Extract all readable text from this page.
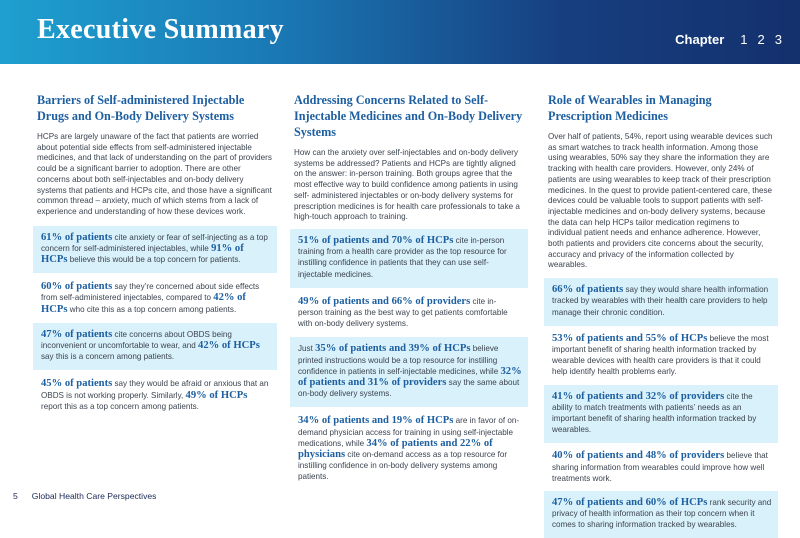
Executive Summary	Chapter 1 2 3
Barriers of Self-administered Injectable Drugs and On-Body Delivery Systems
HCPs are largely unaware of the fact that patients are worried about potential side effects from self-administered injectable medicines, and that lack of understanding on the part of providers could be a significant barrier to adoption. There are other concerns about both self-injectables and on-body delivery systems that patients and HCPs cite, and those have a significant common thread – anxiety, much of which stems from a lack of experience and understanding of how these devices work.
61% of patients cite anxiety or fear of self-injecting as a top concern for self-administered injectables, while 91% of HCPs believe this would be a top concern for patients.
60% of patients say they’re concerned about side effects from self-administered injectables, compared to 42% of HCPs who cite this as a top concern among patients.
47% of patients cite concerns about OBDS being inconvenient or uncomfortable to wear, and 42% of HCPs say this is a concern among patients.
45% of patients say they would be afraid or anxious that an OBDS is not working properly. Similarly, 49% of HCPs report this as a top concern among patients.
Addressing Concerns Related to Self-Injectable Medicines and On-Body Delivery Systems
How can the anxiety over self-injectables and on-body delivery systems be addressed? Patients and HCPs are tightly aligned on the answer: in-person training. Both groups agree that the most effective way to build confidence among patients in using self- administered injectables or on-body delivery systems for prescription medicines is for health care professionals to take a high-touch approach to training.
51% of patients and 70% of HCPs cite in-person training from a health care provider as the top resource for instilling confidence in patients that they can use self-injectable medicines.
49% of patients and 66% of providers cite in-person training as the best way to get patients comfortable with on-body delivery systems.
Just 35% of patients and 39% of HCPs believe printed instructions would be a top resource for instilling confidence in patients in self-injectable medicines, while 32% of patients and 31% of providers say the same about on-body delivery systems.
34% of patients and 19% of HCPs are in favor of on-demand physician access for training in using self-injectable medications, while 34% of patients and 22% of physicians cite on-demand access as a top resource for instilling confidence in on-body delivery systems among patients.
Role of Wearables in Managing Prescription Medicines
Over half of patients, 54%, report using wearable devices such as smart watches to track health information. Among those using wearables, 50% say they share the information they are tracking with health care providers. However, only 24% of patients are using wearables to keep track of their prescription medicines. In the quest to provide patient-centered care, these devices could be valuable tools to support patients with self-injectable medicines and on-body delivery systems, because the data can help HCPs tailor medication regimens to individual patient needs and enhance adherence. However, both patients and providers cite concerns about the security, accuracy and privacy of the information collected by wearables.
66% of patients say they would share health information tracked by wearables with their health care providers to help manage their chronic condition.
53% of patients and 55% of HCPs believe the most important benefit of sharing health information tracked by wearable devices with health care providers is that it could help identify health problems early.
41% of patients and 32% of providers cite the ability to match treatments with patients’ needs as an important benefit of sharing health information tracked by wearables.
40% of patients and 48% of providers believe that sharing information from wearables could improve how well treatments work.
47% of patients and 60% of HCPs rank security and privacy of health information as their top concern when it comes to sharing information tracked by wearables.
5 Global Health Care Perspectives
